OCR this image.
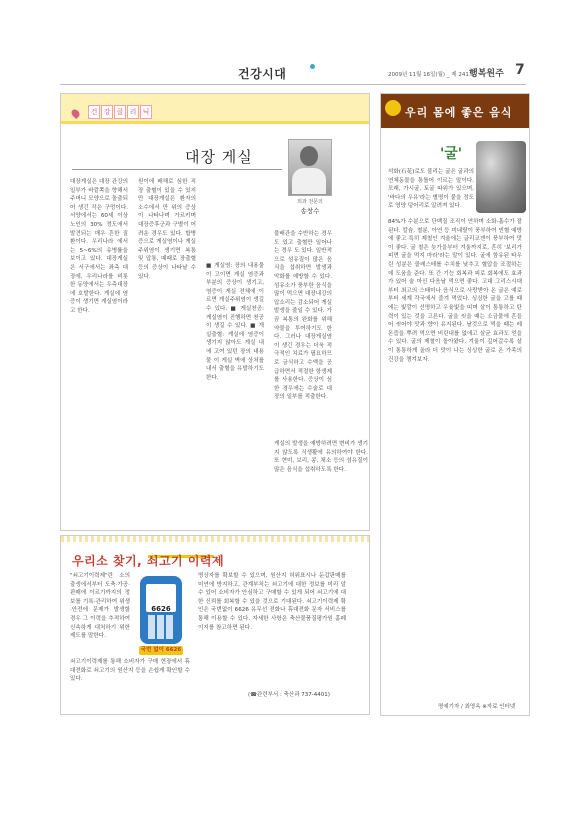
건강시대	2009년 11월 16일(월) _ 제 241호
행복원주 7
건 강 클 리 닉
대장 게실
외과 전문의
송창수
대장게실은 대장 관강의 일부가 바깥쪽을 향해서 주머니 모양으로 돌출되어 생긴 작은 구멍이다. 서양에서는 60세 이상 노인의 30% 정도에서 발견되는 매우 흔한 질환이다. 우리나라 에서는 5~6%의 유병률을 보이고 있다. 대장게실은 서구에서는 좌측 대장에, 우리나라를 비롯한 동양에서는 우측대장에 호발한다. 게실에 염증이 생기면 게실염이라고 한다.
원이에 배해로 심한 직장 출혈이 있을 수 있지만 대장게실은 환자의 소수에서 만 위의 증상이 나타나며 가르키며 대장증후군과 구별이 어려운 경우도 있다. 합병증으로 게실염이나 게실 주위염이 생기면 복통 및 압통, 때때로 장출혈 등의 증상이 나타날 수 있다.
■ 게실염: 장의 내용물이 고이면 게실 염증과 부분의 증상이 생기고, 염증이 게실 전체에 이르면 게실주위염이 생길 수 있다. ■ 게실천공: 게실염이 진행하면 천공이 생길 수 있다. ■ 게실출혈: 게실에 염증이 생기지 않아도 게실 내에 고여 있던 장의 내용물 이 게실 벽에 상처를 내서 출혈을 유발하기도 한다.
불배관을 수반하는 경우도 있고 출혈만 일어나는 경우 도 있다. 일반적으로 섬유질이 많은 음식을 섭취하면 발생과 악화를 예방할 수 있다. 섬유소가 풍부한 음식을 많이 먹으면 대장내강의 압소리는 감소되어 게실 발생을 줄일 수 있다. 가끔 복통의 완화를 위해 약물을 투여하기도 한다. 그러나 대장게실염이 생긴 경우는 더욱 적극적인 치료가 필요하므로 금식하고 수액을 공급하면서 적절한 항생제를 사용한다. 증상이 심한 경우에는 수술로 대장의 일부를 적출한다.
게실의 발생을 예방하려면 변비가 생기지 않도록 식생활에 유의하여야 한다. 또 현미, 보리, 콩, 채소 등의 섬유질이 많은 음식을 섭취하도록 한다.
우리소 찾기, 쇠고기 이력제
6626
국번 없이 6626
"쇠고기이력제"란 소의 출생에서부터 도축·가공·판매에 이르기까지의 정보를 기록·관리하여 위생·안전에 문제가 발생할 경우 그 이력을 추적하여 신속하게 대처하기 위한 제도를 말한다.
쇠고기이력제를 통해 소비자가 구매 현장에서 휴대전화로 쇠고기의 원산지 등을 손쉽게 확인할 수 있다.
명상자를 확보할 수 있으며, 원산지 허위표시나 둔갑판매를 미연에 방지하고, 관계부처는 쇠고기에 대한 정보를 미리 알 수 있어 소비자가 안심하고 구매할 수 있게 되어 쇠고기에 대한 신뢰를 회복할 수 있을 것으로 기대된다. 쇠고기이력제 확인은 국번없이 6626 유무선 전화나 휴대전화 문자 서비스를 통해 이용할 수 있다. 자세한 사항은 축산물품질평가원 홈페이지를 참고하면 된다.
(☎관련부서 : 축산과 737-4401)
우리 몸에 좋은 음식
'굴'
석화(石花)로도 불리는 굴은 굴과의 연체동물을 통틀어 이르는 말이다. 모래, 가시굴, 토굴 따위가 있으며, '바다의 우유'라는 별명이 붙을 정도로 영양 덩어리로 알려져 있다.
84%가 수분으로 단백질 조직이 연하며 소화·흡수가 잘 된다. 칼슘, 철분, 아연 등 미네랄이 풍부하여 빈혈 예방에 좋고 특히 제철인 겨울에는 글리코겐이 풍부하여 맛이 좋다. 굴 철은 늦가을부터 겨울까지로, 흔히 '보리가 피면 굴을 먹지 마라'라는 말이 있다. 굴에 함유된 타우린 성분은 콜레스테롤 수치를 낮추고 혈압을 조절하는 데 도움을 준다. 또 간 기능 회복과 피로 회복에도 효과가 있어 술 마신 다음날 먹으면 좋다. 고대 그리스시대부터 최고의 스태미나 음식으로 사랑받아 온 굴은 예로부터 세계 각국에서 즐겨 먹었다. 싱싱한 굴을 고를 때에는 빛깔이 선명하고 우윳빛을 띠며 살이 통통하고 탄력이 있는 것을 고른다. 굴을 씻을 때는 소금물에 흔들어 씻어야 맛과 향이 유지된다. 날것으로 먹을 때는 레몬즙을 뿌려 먹으면 비린내를 없애고 살균 효과도 얻을 수 있다. 굴의 제철이 돌아왔다. 겨울이 깊어갈수록 살이 통통하게 올라 더 맛이 나는 싱싱한 굴로 온 가족의 건강을 챙겨보자.
명예기자 / 최영옥 ※자료 인터넷
